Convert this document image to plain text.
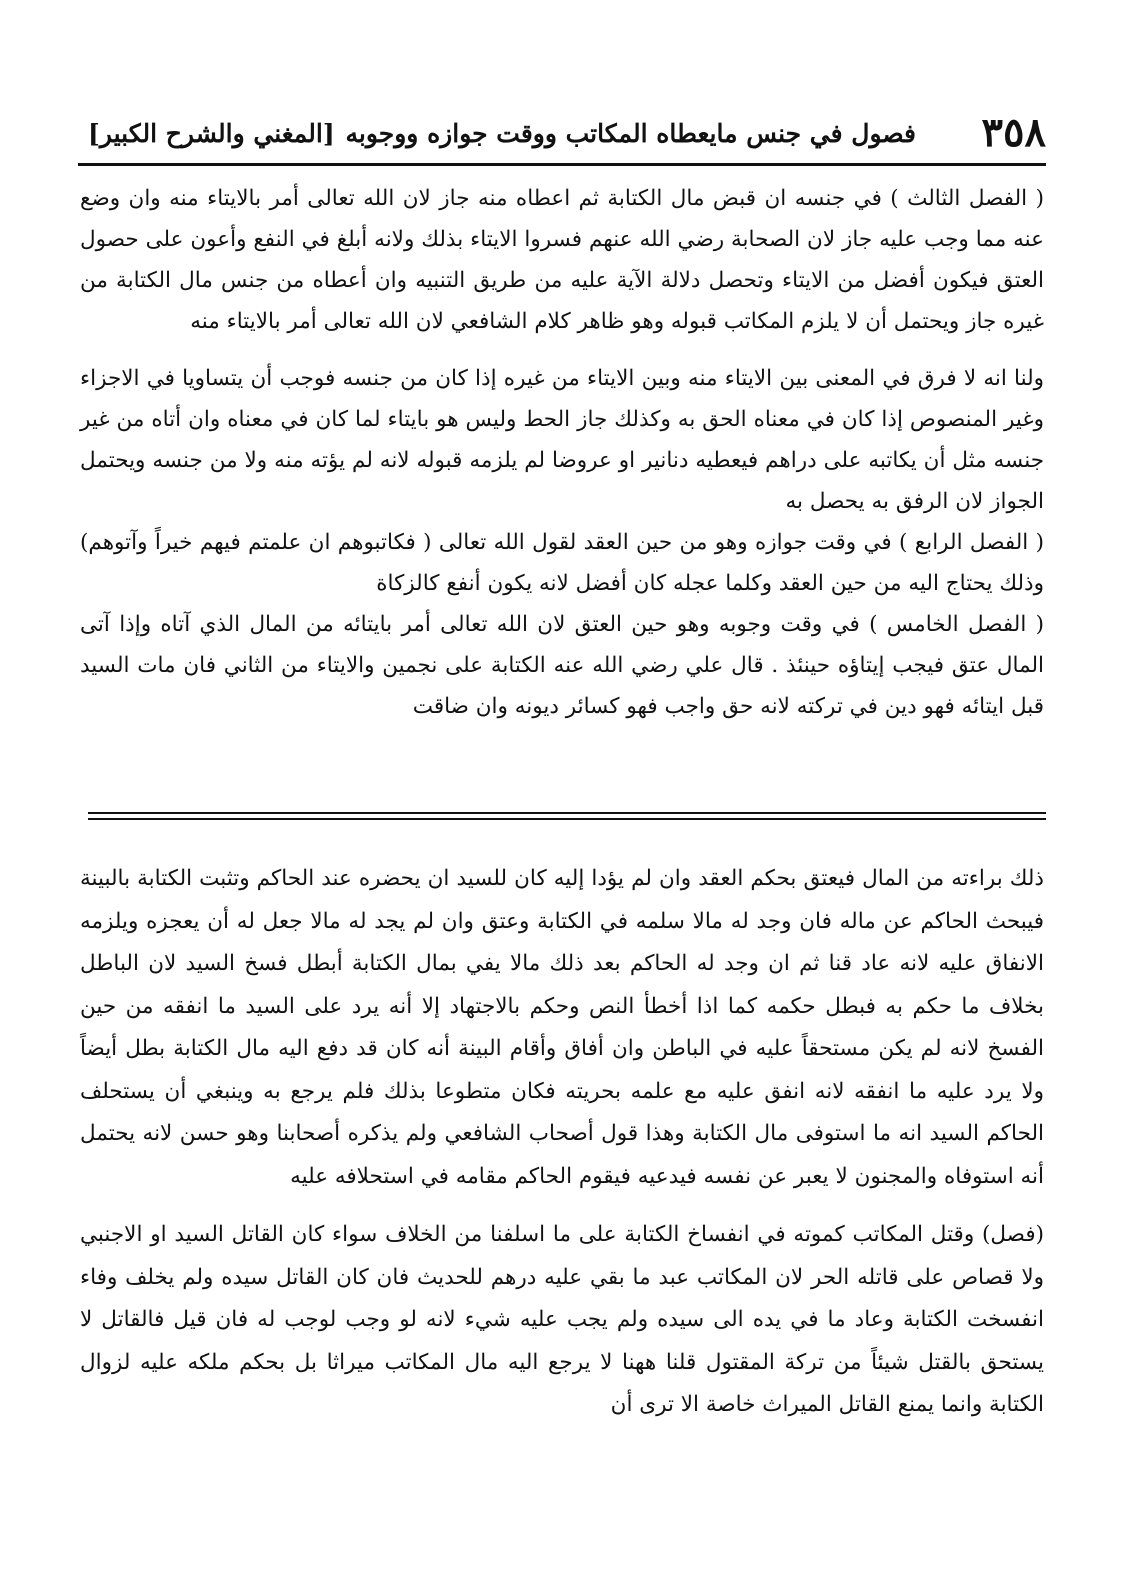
٣٥٨
فصول في جنس مايعطاه المكاتب ووقت جوازه ووجوبه
[المغني والشرح الكبير]

( الفصل الثالث ) في جنسه ان قبض مال الكتابة ثم اعطاه منه جاز لان الله تعالى أمر بالايتاء منه وان وضع عنه مما وجب عليه جاز لان الصحابة رضي الله عنهم فسروا الايتاء بذلك ولانه أبلغ في النفع وأعون على حصول العتق فيكون أفضل من الايتاء وتحصل دلالة الآية عليه من طريق التنبيه وان أعطاه من جنس مال الكتابة من غيره جاز ويحتمل أن لا يلزم المكاتب قبوله وهو ظاهر كلام الشافعي لان الله تعالى أمر بالايتاء منه

ولنا انه لا فرق في المعنى بين الايتاء منه وبين الايتاء من غيره إذا كان من جنسه فوجب أن يتساويا في الاجزاء وغير المنصوص إذا كان في معناه الحق به وكذلك جاز الحط وليس هو بايتاء لما كان في معناه وان أتاه من غير جنسه مثل أن يكاتبه على دراهم فيعطيه دنانير او عروضا لم يلزمه قبوله لانه لم يؤته منه ولا من جنسه ويحتمل الجواز لان الرفق به يحصل به

( الفصل الرابع ) في وقت جوازه وهو من حين العقد لقول الله تعالى ( فكاتبوهم ان علمتم فيهم خيراً وآتوهم) وذلك يحتاج اليه من حين العقد وكلما عجله كان أفضل لانه يكون أنفع كالزكاة

( الفصل الخامس ) في وقت وجوبه وهو حين العتق لان الله تعالى أمر بايتائه من المال الذي آتاه وإذا آتى المال عتق فيجب إيتاؤه حينئذ . قال علي رضي الله عنه الكتابة على نجمين والايتاء من الثاني فان مات السيد قبل ايتائه فهو دين في تركته لانه حق واجب فهو كسائر ديونه وان ضاقت

ذلك براءته من المال فيعتق بحكم العقد وان لم يؤدا إليه كان للسيد ان يحضره عند الحاكم وتثبت الكتابة بالبينة فيبحث الحاكم عن ماله فان وجد له مالا سلمه في الكتابة وعتق وان لم يجد له مالا جعل له أن يعجزه ويلزمه الانفاق عليه لانه عاد قنا ثم ان وجد له الحاكم بعد ذلك مالا يفي بمال الكتابة أبطل فسخ السيد لان الباطل بخلاف ما حكم به فبطل حكمه كما اذا أخطأ النص وحكم بالاجتهاد إلا أنه يرد على السيد ما انفقه من حين الفسخ لانه لم يكن مستحقاً عليه في الباطن وان أفاق وأقام البينة أنه كان قد دفع اليه مال الكتابة بطل أيضاً ولا يرد عليه ما انفقه لانه انفق عليه مع علمه بحريته فكان متطوعا بذلك فلم يرجع به وينبغي أن يستحلف الحاكم السيد انه ما استوفى مال الكتابة وهذا قول أصحاب الشافعي ولم يذكره أصحابنا وهو حسن لانه يحتمل أنه استوفاه والمجنون لا يعبر عن نفسه فيدعيه فيقوم الحاكم مقامه في استحلافه عليه

(فصل) وقتل المكاتب كموته في انفساخ الكتابة على ما اسلفنا من الخلاف سواء كان القاتل السيد او الاجنبي ولا قصاص على قاتله الحر لان المكاتب عبد ما بقي عليه درهم للحديث فان كان القاتل سيده ولم يخلف وفاء انفسخت الكتابة وعاد ما في يده الى سيده ولم يجب عليه شيء لانه لو وجب لوجب له فان قيل فالقاتل لا يستحق بالقتل شيئاً من تركة المقتول قلنا ههنا لا يرجع اليه مال المكاتب ميراثا بل بحكم ملكه عليه لزوال الكتابة وانما يمنع القاتل الميراث خاصة الا ترى أن
